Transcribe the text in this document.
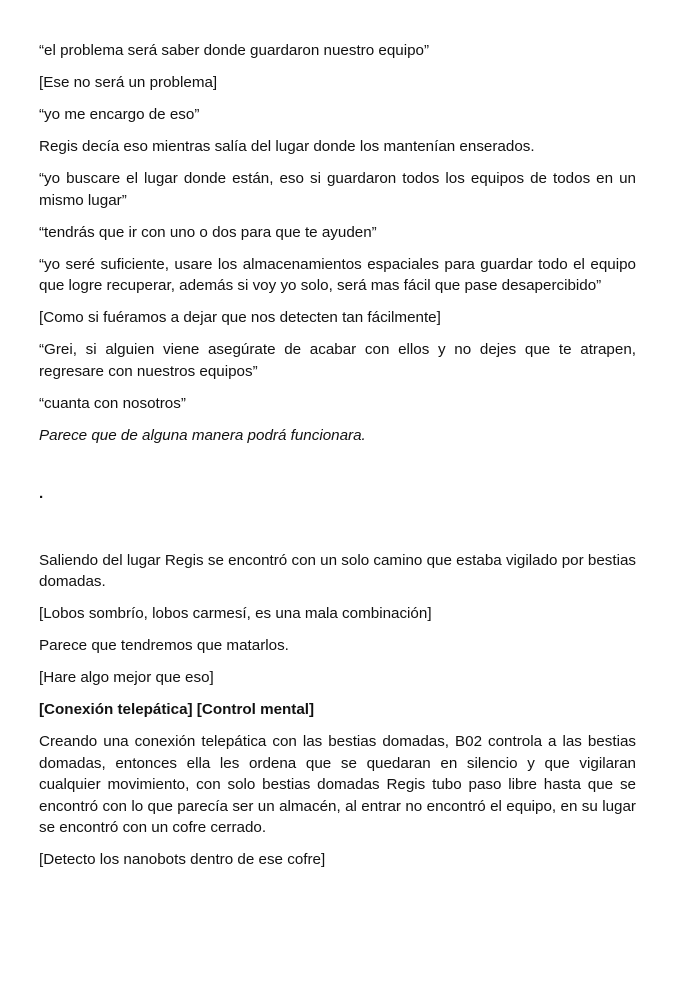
“el problema será saber donde guardaron nuestro equipo”

[Ese no será un problema]

“yo me encargo de eso”

Regis decía eso mientras salía del lugar donde los mantenían enserados.

“yo buscare el lugar donde están, eso si guardaron todos los equipos de todos en un mismo lugar”

“tendrás que ir con uno o dos para que te ayuden”

“yo seré suficiente, usare los almacenamientos espaciales para guardar todo el equipo que logre recuperar, además si voy yo solo, será mas fácil que pase desapercibido”

[Como si fuéramos a dejar que nos detecten tan fácilmente]

“Grei, si alguien viene asegúrate de acabar con ellos y no dejes que te atrapen, regresare con nuestros equipos”

“cuanta con nosotros”

Parece que de alguna manera podrá funcionara.

.

Saliendo del lugar Regis se encontró con un solo camino que estaba vigilado por bestias domadas.

[Lobos sombrío, lobos carmesí, es una mala combinación]

Parece que tendremos que matarlos.

[Hare algo mejor que eso]

[Conexión telepática] [Control mental]

Creando una conexión telepática con las bestias domadas, B02 controla a las bestias domadas, entonces ella les ordena que se quedaran en silencio y que vigilaran cualquier movimiento, con solo bestias domadas Regis tubo paso libre hasta que se encontró con lo que parecía ser un almacén, al entrar no encontró el equipo, en su lugar se encontró con un cofre cerrado.

[Detecto los nanobots dentro de ese cofre]
